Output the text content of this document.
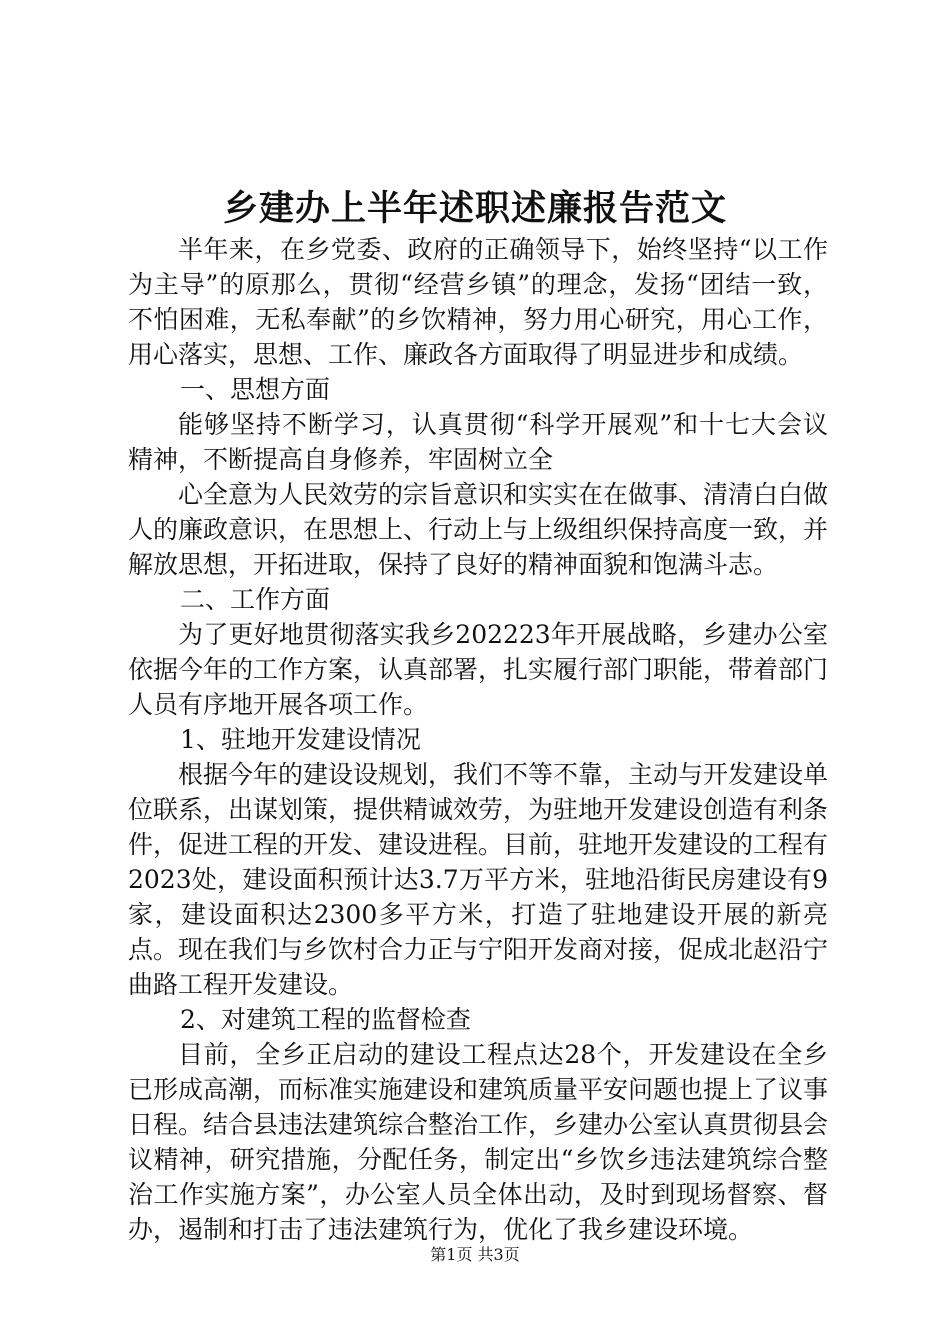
乡建办上半年述职述廉报告范文

半年来，在乡党委、政府的正确领导下，始终坚持“以工作为主导”的原那么，贯彻“经营乡镇”的理念，发扬“团结一致，不怕困难，无私奉献”的乡饮精神，努力用心研究，用心工作，用心落实，思想、工作、廉政各方面取得了明显进步和成绩。

一、思想方面

能够坚持不断学习，认真贯彻“科学开展观”和十七大会议精神，不断提高自身修养，牢固树立全

心全意为人民效劳的宗旨意识和实实在在做事、清清白白做人的廉政意识，在思想上、行动上与上级组织保持高度一致，并解放思想，开拓进取，保持了良好的精神面貌和饱满斗志。

二、工作方面

为了更好地贯彻落实我乡202223年开展战略，乡建办公室依据今年的工作方案，认真部署，扎实履行部门职能，带着部门人员有序地开展各项工作。

1、驻地开发建设情况

根据今年的建设设规划，我们不等不靠，主动与开发建设单位联系，出谋划策，提供精诚效劳，为驻地开发建设创造有利条件，促进工程的开发、建设进程。目前，驻地开发建设的工程有2023处，建设面积预计达3.7万平方米，驻地沿街民房建设有9家，建设面积达2300多平方米，打造了驻地建设开展的新亮点。现在我们与乡饮村合力正与宁阳开发商对接，促成北赵沿宁曲路工程开发建设。

2、对建筑工程的监督检查

目前，全乡正启动的建设工程点达28个，开发建设在全乡已形成高潮，而标准实施建设和建筑质量平安问题也提上了议事日程。结合县违法建筑综合整治工作，乡建办公室认真贯彻县会议精神，研究措施，分配任务，制定出“乡饮乡违法建筑综合整治工作实施方案”，办公室人员全体出动，及时到现场督察、督办，遏制和打击了违法建筑行为，优化了我乡建设环境。

第1页 共3页
